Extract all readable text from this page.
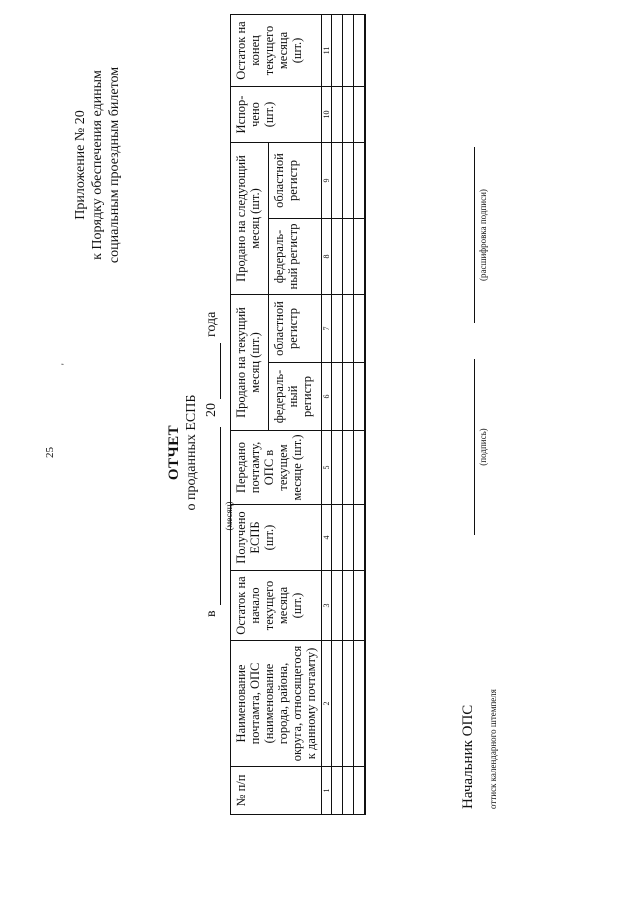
25
'
Приложение № 20 к Порядку обеспечения единым социальным проездным билетом
ОТЧЕТ о проданных ЕСПБ
в
(месяц)
20
года
№ п/п	Наименование почтамта, ОПС (наименование города, района, округа, относящегося к данному почтамту)	Остаток на начало текущего месяца (шт.)	Получено ЕСПБ (шт.)	Передано почтамту, ОПС в текущем месяце (шт.)	Продано на текущий месяц (шт.)		Продано на следующий месяц (шт.)		Испор-чено (шт.)	Остаток на конец текущего месяца (шт.)
					федераль-ный регистр	областной регистр	федераль-ный регистр	областной регистр		
1	2	3	4	5	6	7	8	9	10	11

Начальник ОПС оттиск календарного штемпеля
(подпись)
(расшифровка подписи)
